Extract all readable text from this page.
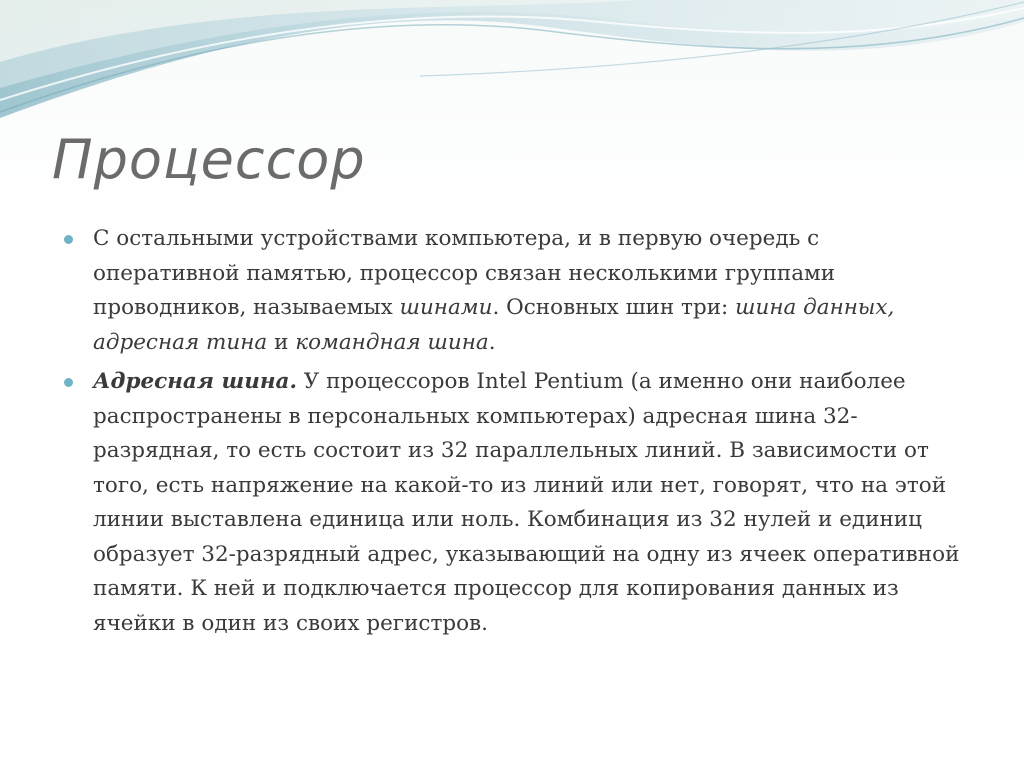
Процессор
С остальными устройствами компьютера, и в первую очередь с оперативной памятью, процессор связан несколькими группами проводников, называемых шинами. Основных шин три: шина данных, адресная тина и командная шина.
Адресная шина. У процессоров Intel Pentium (а именно они наиболее распространены в персональных компьютерах) адресная шина 32-разрядная, то есть состоит из 32 параллельных линий. В зависимости от того, есть напряжение на какой-то из линий или нет, говорят, что на этой линии выставлена единица или ноль. Комбинация из 32 нулей и единиц образует 32-разрядный адрес, указывающий на одну из ячеек оперативной памяти. К ней и подключается процессор для копирования данных из ячейки в один из своих регистров.
